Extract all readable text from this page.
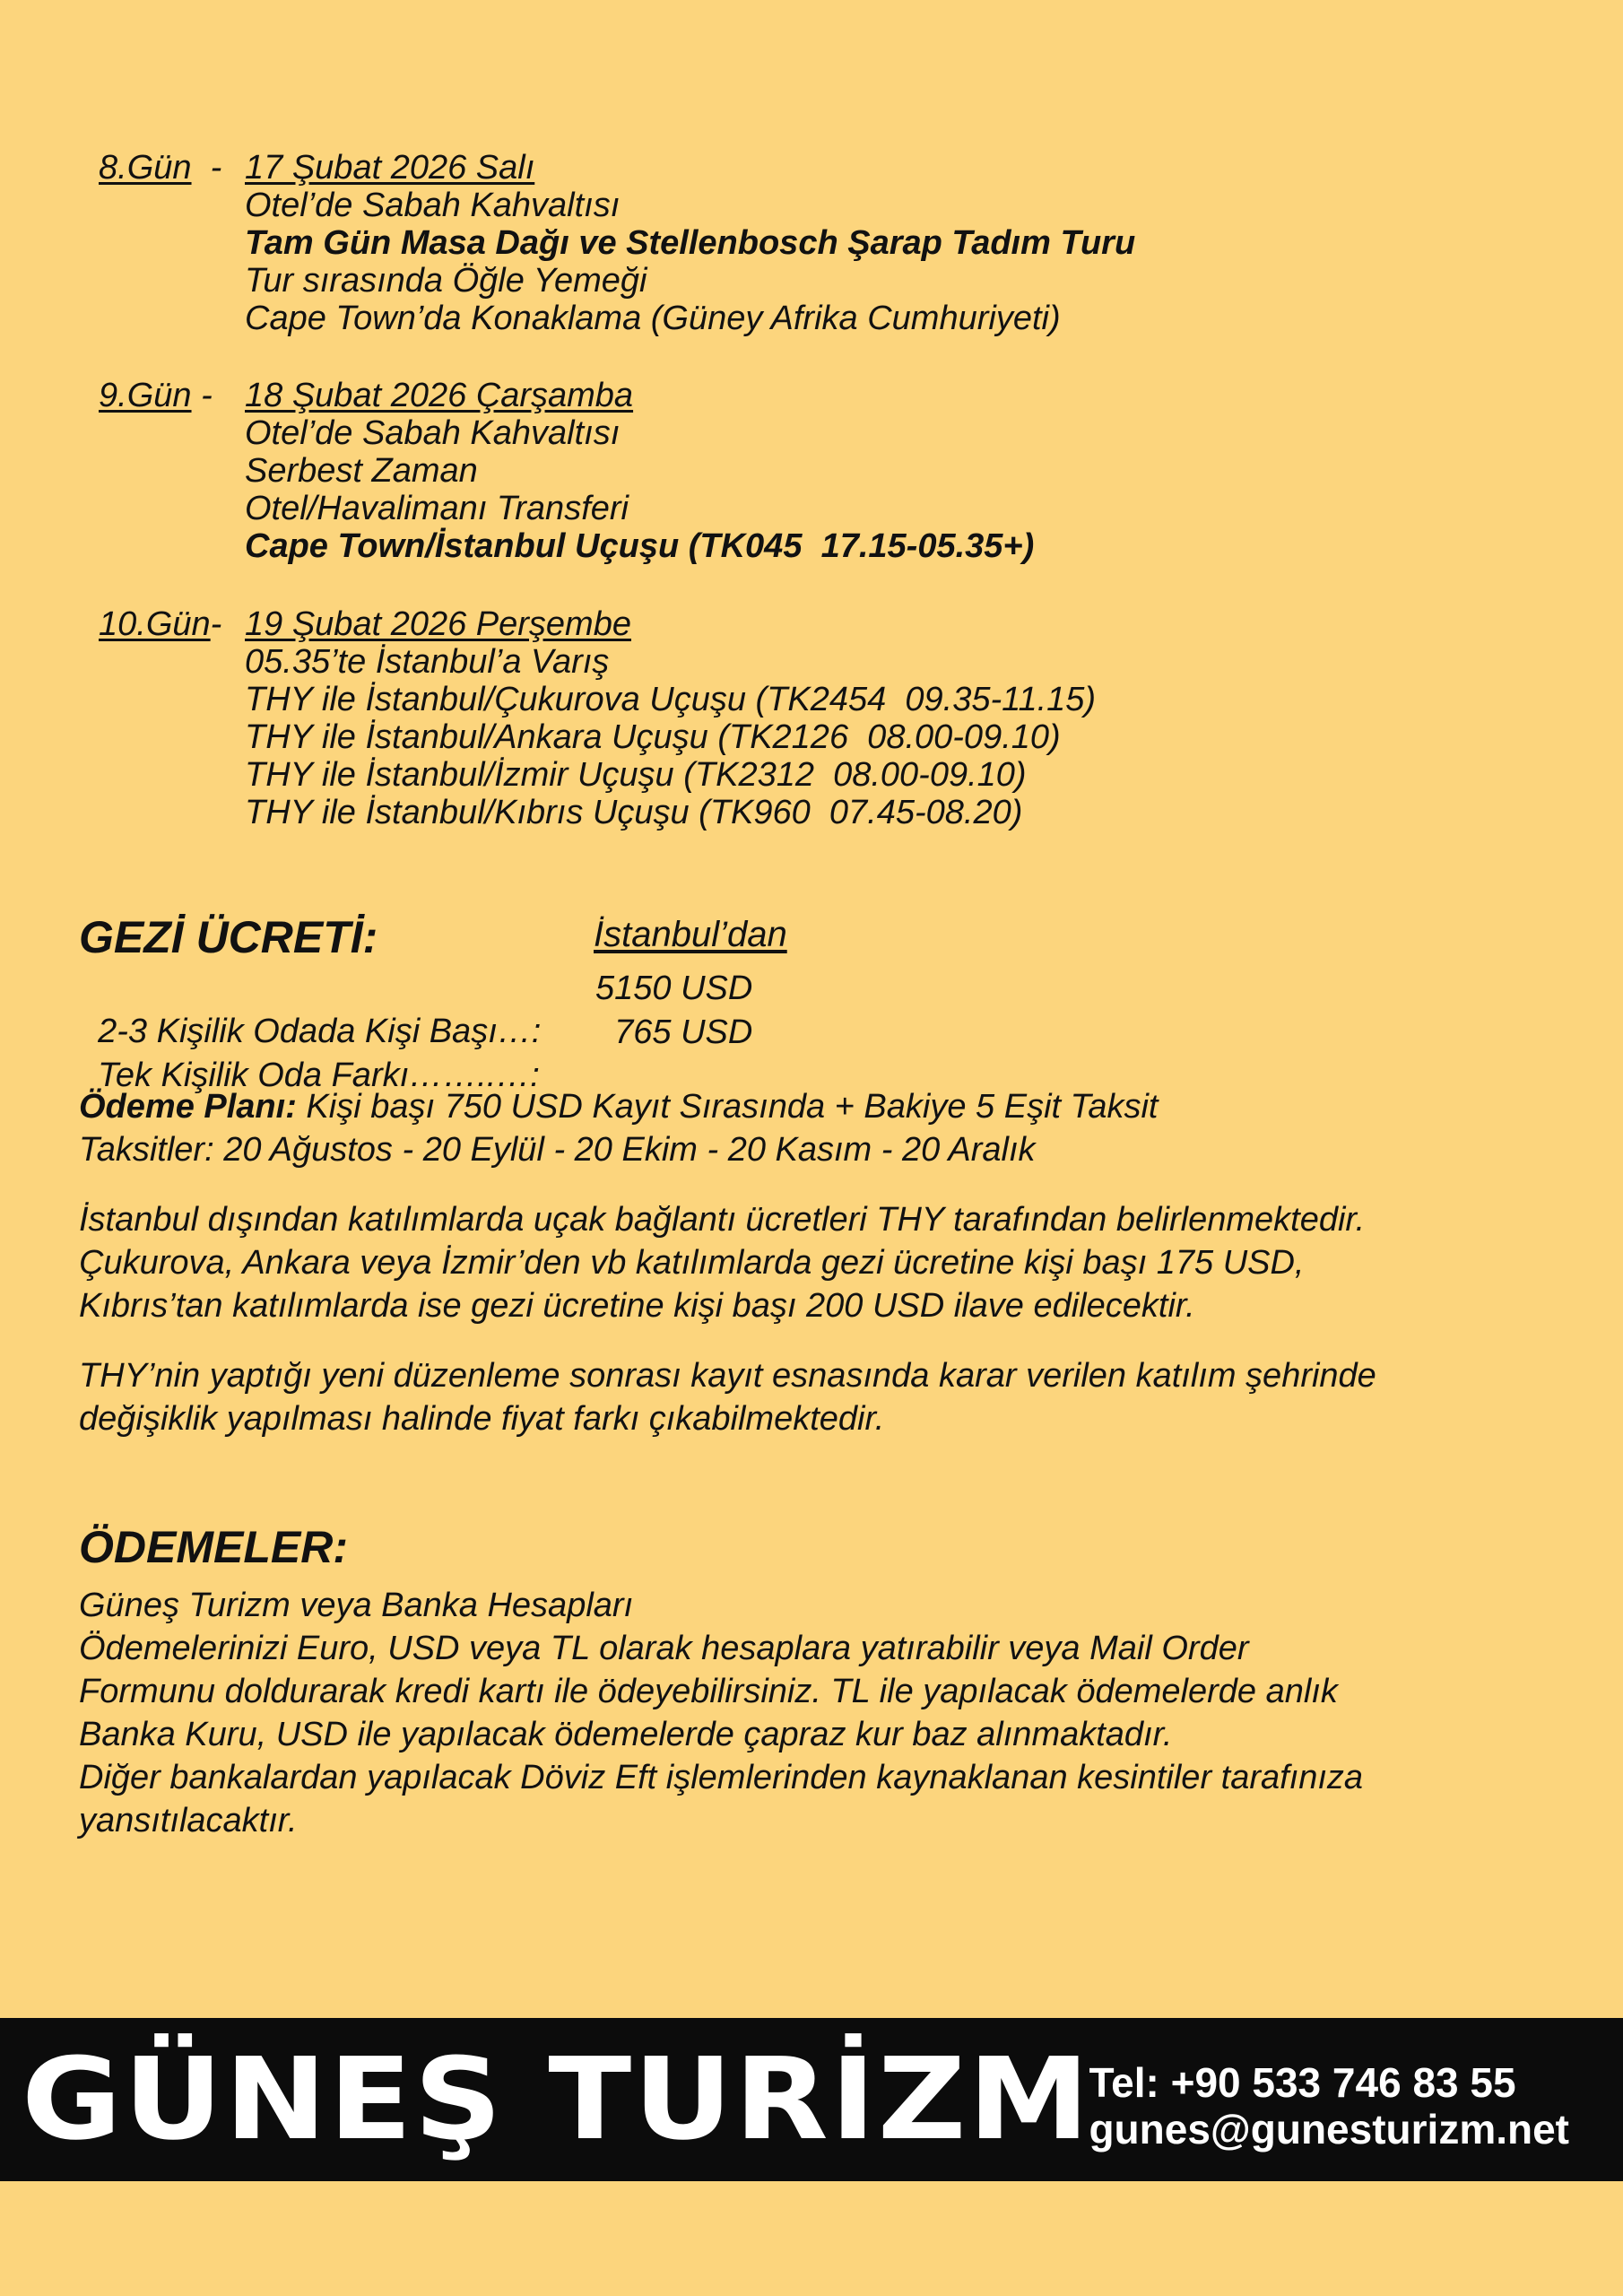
8.Gün  - 17 Şubat 2026 Salı
Otel’de Sabah Kahvaltısı
Tam Gün Masa Dağı ve Stellenbosch Şarap Tadım Turu
Tur sırasında Öğle Yemeği
Cape Town’da Konaklama (Güney Afrika Cumhuriyeti)
9.Gün - 18 Şubat 2026 Çarşamba
Otel’de Sabah Kahvaltısı
Serbest Zaman
Otel/Havalimanı Transferi
Cape Town/İstanbul Uçuşu (TK045  17.15-05.35+)
10.Gün- 19 Şubat 2026 Perşembe
05.35’te İstanbul’a Varış
THY ile İstanbul/Çukurova Uçuşu (TK2454  09.35-11.15)
THY ile İstanbul/Ankara Uçuşu (TK2126  08.00-09.10)
THY ile İstanbul/İzmir Uçuşu (TK2312  08.00-09.10)
THY ile İstanbul/Kıbrıs Uçuşu (TK960  07.45-08.20)
GEZİ ÜCRETİ:	İstanbul’dan

2-3 Kişilik Odada Kişi Başı…:

5150 USD

Tek Kişilik Oda Farkı……..…:

765 USD
Ödeme Planı: Kişi başı 750 USD Kayıt Sırasında + Bakiye 5 Eşit Taksit
Taksitler: 20 Ağustos - 20 Eylül - 20 Ekim - 20 Kasım - 20 Aralık
İstanbul dışından katılımlarda uçak bağlantı ücretleri THY tarafından belirlenmektedir.
Çukurova, Ankara veya İzmir’den vb katılımlarda gezi ücretine kişi başı 175 USD,
Kıbrıs’tan katılımlarda ise gezi ücretine kişi başı 200 USD ilave edilecektir.
THY’nin yaptığı yeni düzenleme sonrası kayıt esnasında karar verilen katılım şehrinde
değişiklik yapılması halinde fiyat farkı çıkabilmektedir.
ÖDEMELER:
Güneş Turizm veya Banka Hesapları
Ödemelerinizi Euro, USD veya TL olarak hesaplara yatırabilir veya Mail Order
Formunu doldurarak kredi kartı ile ödeyebilirsiniz. TL ile yapılacak ödemelerde anlık
Banka Kuru, USD ile yapılacak ödemelerde çapraz kur baz alınmaktadır.
Diğer bankalardan yapılacak Döviz Eft işlemlerinden kaynaklanan kesintiler tarafınıza
yansıtılacaktır.
GÜNEŞ TURİZM
Tel: +90 533 746 83 55
gunes@gunesturizm.net
